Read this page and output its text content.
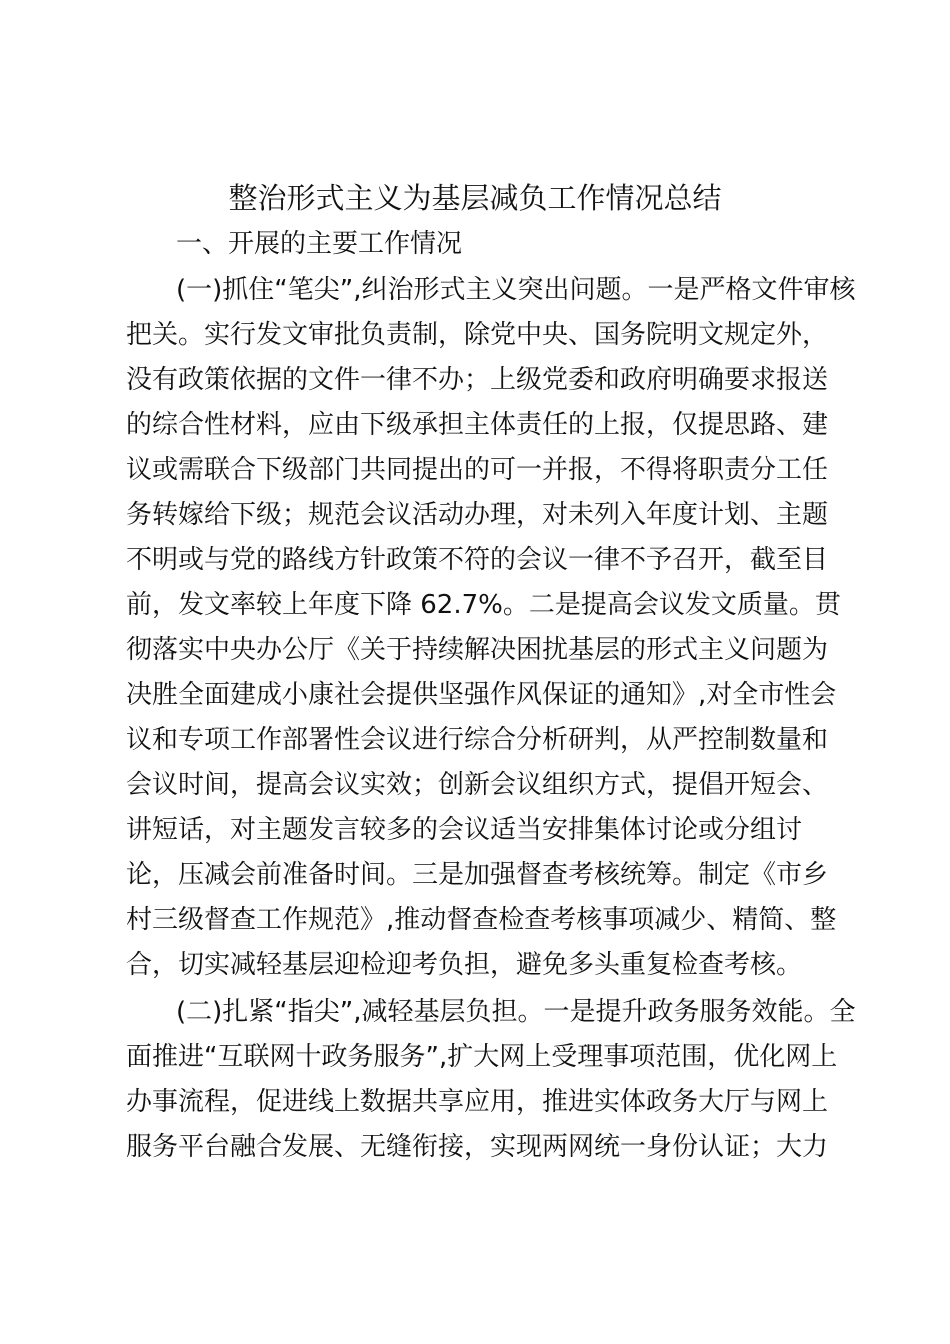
整治形式主义为基层减负工作情况总结
一、开展的主要工作情况
(一)抓住“笔尖”,纠治形式主义突出问题。一是严格文件审核
把关。实行发文审批负责制，除党中央、国务院明文规定外，
没有政策依据的文件一律不办；上级党委和政府明确要求报送
的综合性材料，应由下级承担主体责任的上报，仅提思路、建
议或需联合下级部门共同提出的可一并报，不得将职责分工任
务转嫁给下级；规范会议活动办理，对未列入年度计划、主题
不明或与党的路线方针政策不符的会议一律不予召开，截至目
前，发文率较上年度下降 62.7%。二是提高会议发文质量。贯
彻落实中央办公厅《关于持续解决困扰基层的形式主义问题为
决胜全面建成小康社会提供坚强作风保证的通知》,对全市性会
议和专项工作部署性会议进行综合分析研判，从严控制数量和
会议时间，提高会议实效；创新会议组织方式，提倡开短会、
讲短话，对主题发言较多的会议适当安排集体讨论或分组讨
论，压减会前准备时间。三是加强督查考核统筹。制定《市乡
村三级督查工作规范》,推动督查检查考核事项减少、精简、整
合，切实减轻基层迎检迎考负担，避免多头重复检查考核。
(二)扎紧“指尖”,减轻基层负担。一是提升政务服务效能。全
面推进“互联网十政务服务”,扩大网上受理事项范围，优化网上
办事流程，促进线上数据共享应用，推进实体政务大厅与网上
服务平台融合发展、无缝衔接，实现两网统一身份认证；大力
